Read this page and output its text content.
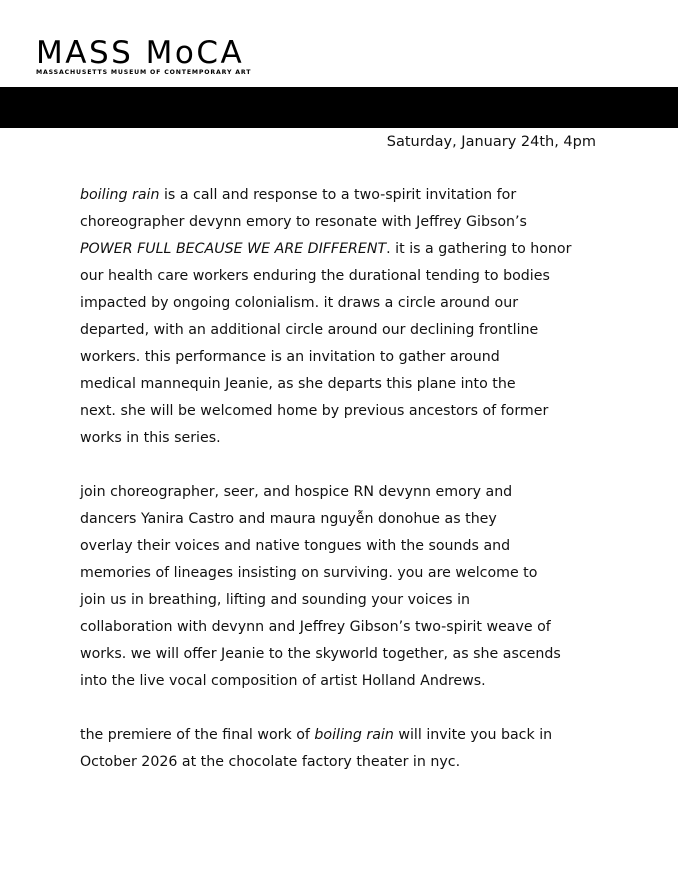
MASS MoCA
MASSACHUSETTS MUSEUM OF CONTEMPORARY ART
Saturday, January 24th, 4pm
boiling rain is a call and response to a two-spirit invitation for
choreographer devynn emory to resonate with Jeffrey Gibson’s
POWER FULL BECAUSE WE ARE DIFFERENT. it is a gathering to honor
our health care workers enduring the durational tending to bodies
impacted by ongoing colonialism. it draws a circle around our
departed, with an additional circle around our declining frontline
workers. this performance is an invitation to gather around
medical mannequin Jeanie, as she departs this plane into the
next. she will be welcomed home by previous ancestors of former
works in this series.
join choreographer, seer, and hospice RN devynn emory and
dancers Yanira Castro and maura nguyễn donohue as they
overlay their voices and native tongues with the sounds and
memories of lineages insisting on surviving. you are welcome to
join us in breathing, lifting and sounding your voices in
collaboration with devynn and Jeffrey Gibson’s two-spirit weave of
works. we will offer Jeanie to the skyworld together, as she ascends
into the live vocal composition of artist Holland Andrews.
the premiere of the final work of boiling rain will invite you back in
October 2026 at the chocolate factory theater in nyc.
